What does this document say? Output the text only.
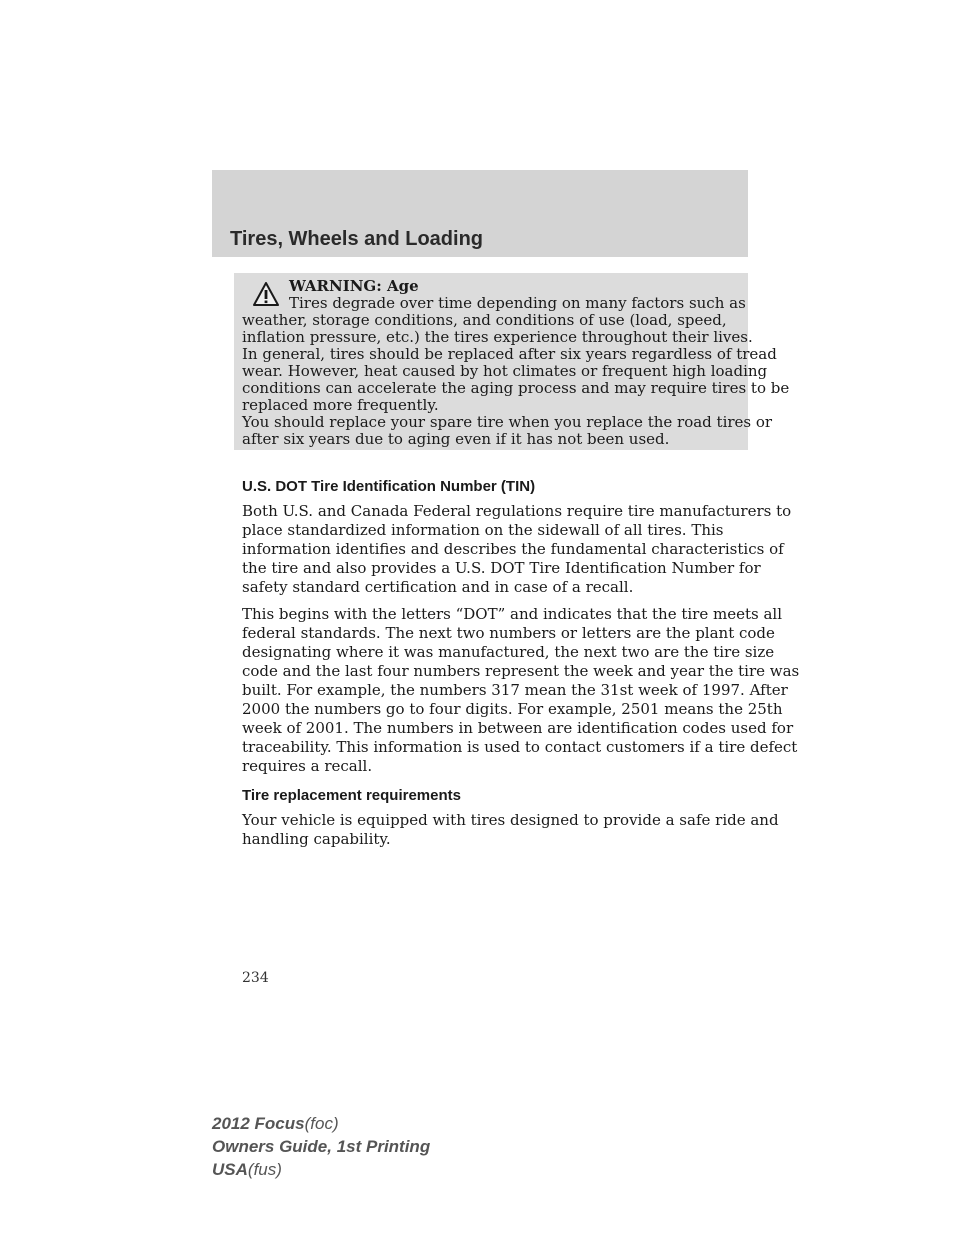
Tires, Wheels and Loading
WARNING: Age
Tires degrade over time depending on many factors such as
weather, storage conditions, and conditions of use (load, speed,
inflation pressure, etc.) the tires experience throughout their lives.
In general, tires should be replaced after six years regardless of tread
wear. However, heat caused by hot climates or frequent high loading
conditions can accelerate the aging process and may require tires to be
replaced more frequently.
You should replace your spare tire when you replace the road tires or
U.S. DOT Tire Identification Number (TIN)
Both U.S. and Canada Federal regulations require tire manufacturers to
place standardized information on the sidewall of all tires. This
information identifies and describes the fundamental characteristics of
the tire and also provides a U.S. DOT Tire Identification Number for
safety standard certification and in case of a recall.
This begins with the letters “DOT” and indicates that the tire meets all
federal standards. The next two numbers or letters are the plant code
designating where it was manufactured, the next two are the tire size
code and the last four numbers represent the week and year the tire was
built. For example, the numbers 317 mean the 31st week of 1997. After
2000 the numbers go to four digits. For example, 2501 means the 25th
week of 2001. The numbers in between are identification codes used for
traceability. This information is used to contact customers if a tire defect
requires a recall.
Tire replacement requirements
Your vehicle is equipped with tires designed to provide a safe ride and
handling capability.
234
2012 Focus(foc)
Owners Guide, 1st Printing
USA(fus)
after six years due to aging even if it has not been used.
